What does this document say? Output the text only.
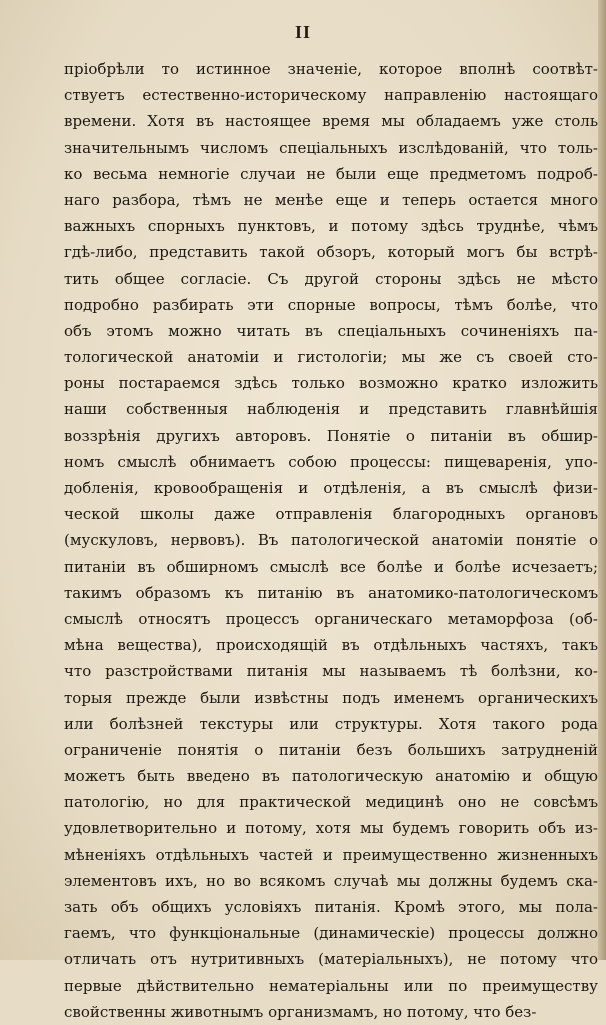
II
пріобрѣли то истинное значеніе, которое вполнѣ соотвѣт-
ствуетъ естественно-историческому направленію настоящаго
времени. Хотя въ настоящее время мы обладаемъ уже столь
значительнымъ числомъ спеціальныхъ изслѣдованій, что толь-
ко весьма немногіе случаи не были еще предметомъ подроб-
наго разбора, тѣмъ не менѣе еще и теперь остается много
важныхъ спорныхъ пунктовъ, и потому здѣсь труднѣе, чѣмъ
гдѣ-либо, представить такой обзоръ, который могъ бы встрѣ-
тить общее согласіе. Съ другой стороны здѣсь не мѣсто
подробно разбирать эти спорные вопросы, тѣмъ болѣе, что
объ этомъ можно читать въ спеціальныхъ сочиненіяхъ па-
тологической анатоміи и гистологіи; мы же съ своей сто-
роны постараемся здѣсь только возможно кратко изложить
наши собственныя наблюденія и представить главнѣйшія
воззрѣнія другихъ авторовъ. Понятіе о питаніи въ обшир-
номъ смыслѣ обнимаетъ собою процессы: пищеваренія, упо-
добленія, кровообращенія и отдѣленія, а въ смыслѣ физи-
ческой школы даже отправленія благородныхъ органовъ
(мускуловъ, нервовъ). Въ патологической анатоміи понятіе о
питаніи въ обширномъ смыслѣ все болѣе и болѣе исчезаетъ;
такимъ образомъ къ питанію въ анатомико-патологическомъ
смыслѣ относятъ процессъ органическаго метаморфоза (об-
мѣна вещества), происходящій въ отдѣльныхъ частяхъ, такъ
что разстройствами питанія мы называемъ тѣ болѣзни, ко-
торыя прежде были извѣстны подъ именемъ органическихъ
или болѣзней текстуры или структуры. Хотя такого рода
ограниченіе понятія о питаніи безъ большихъ затрудненій
можетъ быть введено въ патологическую анатомію и общую
патологію, но для практической медицинѣ оно не совсѣмъ
удовлетворительно и потому, хотя мы будемъ говорить объ из-
мѣненіяхъ отдѣльныхъ частей и преимущественно жизненныхъ
элементовъ ихъ, но во всякомъ случаѣ мы должны будемъ ска-
зать объ общихъ условіяхъ питанія. Кромѣ этого, мы пола-
гаемъ, что функціональные (динамическіе) процессы должно
отличать отъ нутритивныхъ (матеріальныхъ), не потому что
первые дѣйствительно нематеріальны или по преимуществу
свойственны животнымъ организмамъ, но потому, что без-
